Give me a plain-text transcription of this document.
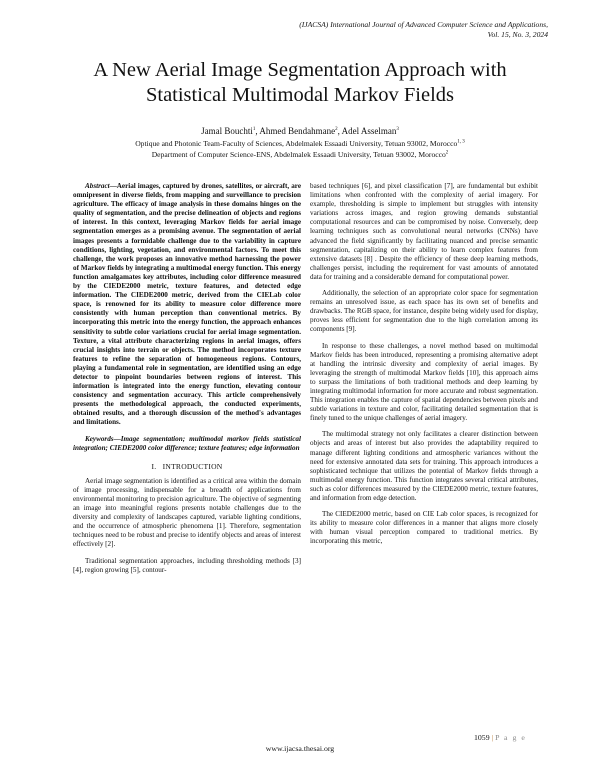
(IJACSA) International Journal of Advanced Computer Science and Applications,
Vol. 15, No. 3, 2024
A New Aerial Image Segmentation Approach with
Statistical Multimodal Markov Fields
Jamal Bouchti$^1$, Ahmed Bendahmane$^2$, Adel Asselman$^3$
Optique and Photonic Team-Faculty of Sciences, Abdelmalek Essaadi University, Tetuan 93002, Morocco$^{1, 3}$
Department of Computer Science-ENS, Abdelmalek Essaadi University, Tetuan 93002, Morocco$^2$

Abstract—Aerial images, captured by drones, satellites, or aircraft, are omnipresent in diverse fields, from mapping and surveillance to precision agriculture. The efficacy of image analysis in these domains hinges on the quality of segmentation, and the precise delineation of objects and regions of interest. In this context, leveraging Markov fields for aerial image segmentation emerges as a promising avenue. The segmentation of aerial images presents a formidable challenge due to the variability in capture conditions, lighting, vegetation, and environmental factors. To meet this challenge, the work proposes an innovative method harnessing the power of Markov fields by integrating a multimodal energy function. This energy function amalgamates key attributes, including color difference measured by the CIEDE2000 metric, texture features, and detected edge information. The CIEDE2000 metric, derived from the CIELab color space, is renowned for its ability to measure color difference more consistently with human perception than conventional metrics. By incorporating this metric into the energy function, the approach enhances sensitivity to subtle color variations crucial for aerial image segmentation. Texture, a vital attribute characterizing regions in aerial images, offers crucial insights into terrain or objects. The method incorporates texture features to refine the separation of homogeneous regions. Contours, playing a fundamental role in segmentation, are identified using an edge detector to pinpoint boundaries between regions of interest. This information is integrated into the energy function, elevating contour consistency and segmentation accuracy. This article comprehensively presents the methodological approach, the conducted experiments, obtained results, and a thorough discussion of the method's advantages and limitations.

Keywords—Image segmentation; multimodal markov fields statistical integration; CIEDE2000 color difference; texture features; edge information

I. INTRODUCTION

Aerial image segmentation is identified as a critical area within the domain of image processing, indispensable for a breadth of applications from environmental monitoring to precision agriculture. The objective of segmenting an image into meaningful regions presents notable challenges due to the diversity and complexity of landscapes captured, variable lighting conditions, and the occurrence of atmospheric phenomena [1]. Therefore, segmentation techniques need to be robust and precise to identify objects and areas of interest effectively [2].

Traditional segmentation approaches, including thresholding methods [3] [4], region growing [5], contour-

based techniques [6], and pixel classification [7], are fundamental but exhibit limitations when confronted with the complexity of aerial imagery. For example, thresholding is simple to implement but struggles with intensity variations across images, and region growing demands substantial computational resources and can be compromised by noise. Conversely, deep learning techniques such as convolutional neural networks (CNNs) have advanced the field significantly by facilitating nuanced and precise semantic segmentation, capitalizing on their ability to learn complex features from extensive datasets [8] . Despite the efficiency of these deep learning methods, challenges persist, including the requirement for vast amounts of annotated data for training and a considerable demand for computational power.

Additionally, the selection of an appropriate color space for segmentation remains an unresolved issue, as each space has its own set of benefits and drawbacks. The RGB space, for instance, despite being widely used for display, proves less efficient for segmentation due to the high correlation among its components [9].

In response to these challenges, a novel method based on multimodal Markov fields has been introduced, representing a promising alternative adept at handling the intrinsic diversity and complexity of aerial images. By leveraging the strength of multimodal Markov fields [10], this approach aims to surpass the limitations of both traditional methods and deep learning by integrating multimodal information for more accurate and robust segmentation. This integration enables the capture of spatial dependencies between pixels and subtle variations in texture and color, facilitating detailed segmentation that is finely tuned to the unique challenges of aerial imagery.

The multimodal strategy not only facilitates a clearer distinction between objects and areas of interest but also provides the adaptability required to manage different lighting conditions and atmospheric variances without the need for extensive annotated data sets for training. This approach introduces a sophisticated technique that utilizes the potential of Markov fields through a multimodal energy function. This function integrates several critical attributes, such as color differences measured by the CIEDE2000 metric, texture features, and information from edge detection.

The CIEDE2000 metric, based on CIE Lab color spaces, is recognized for its ability to measure color differences in a manner that aligns more closely with human visual perception compared to traditional metrics. By incorporating this metric,

1059 | P a g e
www.ijacsa.thesai.org
